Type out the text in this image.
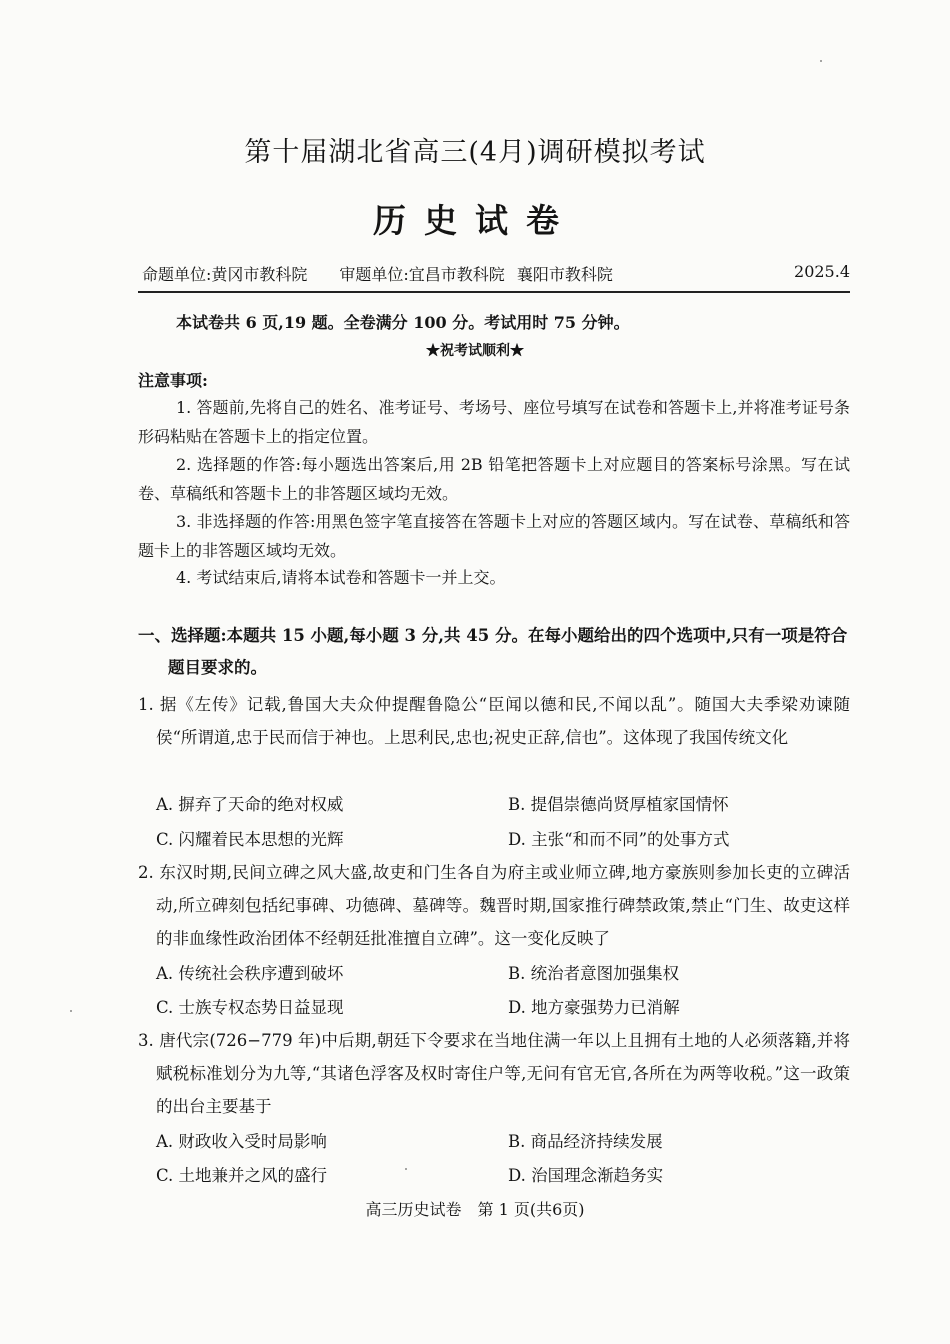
第十届湖北省高三(4月)调研模拟考试
历史试卷
命题单位:黄冈市教科院 审题单位:宜昌市教科院 襄阳市教科院	2025.4
本试卷共 6 页,19 题。全卷满分 100 分。考试用时 75 分钟。
★祝考试顺利★
注意事项:
1. 答题前,先将自己的姓名、准考证号、考场号、座位号填写在试卷和答题卡上,并将准考证号条形码粘贴在答题卡上的指定位置。
2. 选择题的作答:每小题选出答案后,用 2B 铅笔把答题卡上对应题目的答案标号涂黑。写在试卷、草稿纸和答题卡上的非答题区域均无效。
3. 非选择题的作答:用黑色签字笔直接答在答题卡上对应的答题区域内。写在试卷、草稿纸和答题卡上的非答题区域均无效。
4. 考试结束后,请将本试卷和答题卡一并上交。
一、选择题:本题共 15 小题,每小题 3 分,共 45 分。在每小题给出的四个选项中,只有一项是符合题目要求的。
1. 据《左传》记载,鲁国大夫众仲提醒鲁隐公“臣闻以德和民,不闻以乱”。随国大夫季梁劝谏随侯“所谓道,忠于民而信于神也。上思利民,忠也;祝史正辞,信也”。这体现了我国传统文化
A. 摒弃了天命的绝对权威	B. 提倡崇德尚贤厚植家国情怀
C. 闪耀着民本思想的光辉	D. 主张“和而不同”的处事方式
2. 东汉时期,民间立碑之风大盛,故吏和门生各自为府主或业师立碑,地方豪族则参加长吏的立碑活动,所立碑刻包括纪事碑、功德碑、墓碑等。魏晋时期,国家推行碑禁政策,禁止“门生、故吏这样的非血缘性政治团体不经朝廷批准擅自立碑”。这一变化反映了
A. 传统社会秩序遭到破坏	B. 统治者意图加强集权
C. 士族专权态势日益显现	D. 地方豪强势力已消解
3. 唐代宗(726−779 年)中后期,朝廷下令要求在当地住满一年以上且拥有土地的人必须落籍,并将赋税标准划分为九等,“其诸色浮客及权时寄住户等,无问有官无官,各所在为两等收税。”这一政策的出台主要基于
A. 财政收入受时局影响	B. 商品经济持续发展
C. 土地兼并之风的盛行	D. 治国理念渐趋务实
高三历史试卷　第 1 页(共6页)
